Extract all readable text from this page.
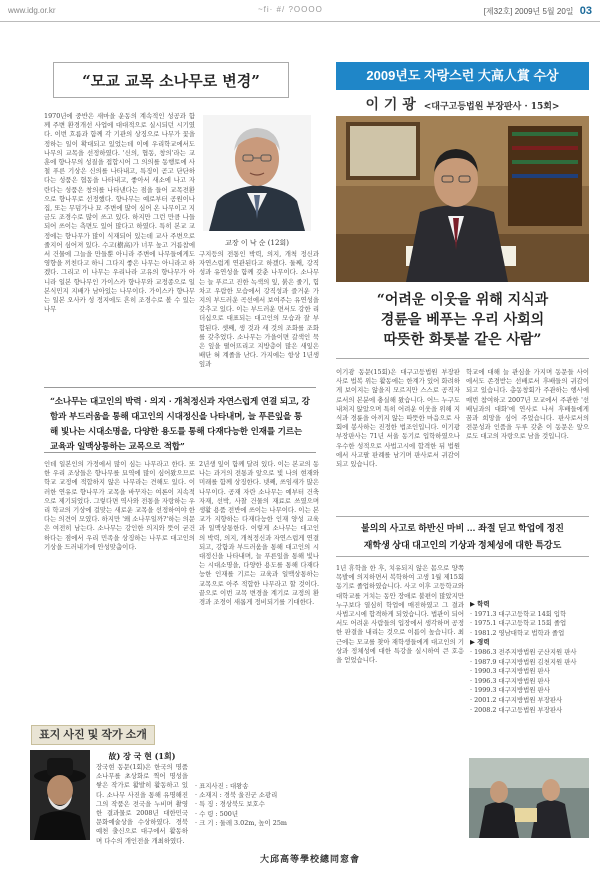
www.idg.or.kr	~fi· #/ ?OOOO	[제32호] 2009년 5월 20일 03
“모교 교목 소나무로 변경”
1970년에 중반은 새마을 운동의 계속적인 성공과 함께 주변 환경개선 사업에 대대적으로 실시되던 시기였다. 이번 흐름과 함께 각 기관의 상징으로 나무가 꽃을 정하는 일이 확대되고 있었는데 이에 우리학교에서도 나무의 교목을 선정하였다. '신의, 협동, 창의'라는 교훈에 향나무의 성질을 접합시어 그 의의를 동행토에 사철 푸른 기상은 신의를 나타내고, 특징이 곧고 단단하다는 성품은 협동을 나타내고, 좋아서 새소에 나고 자란다는 성품은 창의를 나타낸다는 점을 들어 교목전환으로 향나무로 선정했다. 향나무는 예로부터 공원이나 집, 또는 무덤가나 묘 주변에 많이 심어 온 나무이고 지금도 조경수로 많이 쓰고 있다. 하지만 그런 만큼 나들되어 쓰이는 측면도 있어 많다고 하였다. 특히 본교 교정에는 향나무가 많이 식재되어 있는데 교사 주변으로 줄지어 심어져 있다. 수고(樹高)가 너무 높고 거름참에서 건물에 그늘을 만들뿐 아니라 주변에 나무들에게도 영향을 끼친다고 하니 그다지 좋은 나무는 아니라고 하겠다. 그리고 이 나무는 우리나라 고유의 향나무가 아니라 일본 향나무인 가이스카 향나무와 교정종으로 일본식민지 지배가 남아있는 나무이다. 가이스카 향나무는 일본 오사카 성 정지에도 흔히 조경수로 볼 수 있는 나무
교장 이 낙 순 (12회)
구지등의 전통인 박력, 의지, 개척 정신과 자연스럽게 연관된다고 하겠다. 둘째, 강직성과 유연성을 함께 갖춘 나무이다. 소나무는 늘 푸르고 진한 녹색의 잎, 붉은 줄기, 힘차고 우람한 모습에서 강직성과 즐거운 가지의 부드러운 곡선에서 보여주는 유연성을 갖추고 있다. 이는 부드러운 면서도 강한 리더십으로 대표되는 대고인의 모습과 잘 부합된다. 셋째, 생 것과 새 것의 조화를 조화를 갖추었다. 소나무는 가을이면 갈색인 묵은 잎을 떨어뜨리고 지방층이 많은 새잎은 배단 혀 계졸을 난다. 가지에는 항상 1년생 잎과

“소나무는 대고인의 박력 · 의지 · 개척정신과 자연스럽게 연결 되고, 강함과 부드러움을 통해 대고인의 시대정신을 나타내며, 늘 푸른잎을 통해 빛나는 시대소명을, 다양한 용도를 통해 다재다능한 인재를 기르는 교육과 일맥상통하는 교목으로 적합”

인데 일본인의 가정에서 많이 심는 나무라고 한다. 또한 우리 조상들은 향나무를 묘역에 많이 심어왔으므로 학교 교정에 적합하지 않은 나무라는 견해도 있다. 이러한 연유로 향나무가 교목을 바꾸자는 여론이 지속적으로 제기되었다. 그렇다면 역사와 전통을 자랑하는 우리 학교의 기상에 걸맞는 새로운 교목을 선정하여야 한다는 의견이 모였다. 하지만 '왜 소나무일까?'하는 의문은 여전히 남는다. 소나무는 강인한 의지와 뜻이 굳건하다는 점에서 우리 민족을 상징하는 나무로 대고인의 기상을 드러내기에 안성맞춤이다.
2년생 잎이 함께 달려 있다. 이는 본교의 동나는 과거의 전통과 앞으로 빛 나의 현재와 미래를 함께 상징한다. 넷째, 쓰임새가 많은 나무이다. 공재 자란 소나무는 예부터 건축 자재, 선박, 사찰 건물의 재료로 쓰였으며 생활 용품 전반에 쓰이는 나무이다. 이는 본교가 지향하는 다재다능한 인재 양성 교육과 일맥상통한다. 이렇게 소나무는 대고인의 박력, 의지, 개척정신과 자연스럽게 연결되고, 강함과 부드러움을 통해 대고인의 시대정신을 나타내며, 늘 푸른잎을 통해 빛나는 시대소명을, 다양한 용도를 통해 다재다능한 인재를 기르는 교육과 일맥상통하는 교목으로 아주 적합한 나무라고 할 것이다. 끝으로 이번 교목 변경을 계기로 교정의 환경과 조경이 새롭게 정비되기를 기대한다.
표지 사진 및 작가 소개
故) 장 국 현 (1회)
장국현 동문(1회)은 한국의 명품 소나무를 초상화로 찍어 명성을 쌓은 작가로 활발히 활동하고 있다. 소나무 사진을 통해 유명해진 그의 작품은 전국을 누비며 촬영한 결과물로 2008년 대한민국 문화예술상을 수상하였다. 경북 예천 출신으로 대구에서 활동하며 다수의 개인전을 개최하였다.
· 표지사진 : 대왕송
· 소재지 : 경북 울진군 소광리
· 특 징 : 경상북도 보호수
· 수 령 : 500년
· 크 기 : 둘레 3.02m, 높이 25m
2009년도 자랑스런 大高人賞 수상
이 기 광 <대구고등법원 부장판사 · 15회>
“어려운 이웃을 위해 지식과
경륜을 베푸는 우리 사회의
따뜻한 화톳불 같은 사람”
이기광 동문(15회)은 대구고등법원 부장판사로 법복 위는 활동에는 한계가 있어 화려하게 보이지는 않을지 모르지만 스스로 공직자로서의 본분에 충실해 왔습니다. 어느 누구도 내처지 않았으며 특히 어려운 이웃을 위해 지식과 경륜을 아끼지 않는 따뜻한 마음으로 사회에 봉사하는 진정한 법조인입니다. 이기광 부장판사는 71년 서울 동기로 입학하였으나 우수한 성적으로 사법고시에 합격한 뒤 법원에서 사고팔 판례를 남기며 판사로서 귀감이 되고 있습니다.
학교에 대해 늘 관심을 가지며 동문들 사이에서도 존경받는 선배로서 후배들의 귀감이 되고 있습니다. 총동창회가 주관하는 행사에 매번 참여하고 2007년 모교에서 주관한 '선배님과의 대화'에 연사로 나서 후배들에게 꿈과 희망을 심어 주었습니다. 판사로서의 전문성과 인품을 두루 갖춘 이 동문은 앞으로도 대고의 자랑으로 남을 것입니다.
불의의 사고로 하반신 마비 … 좌절 딛고 학업에 정진
재학생 상대 대고인의 기상과 정체성에 대한 특강도
1년 휴학을 한 후, 치유되지 않은 몸으로 양쪽 목발에 의지하면서 복학하여 고생 1월 제15회 동기로 졸업하였습니다. 사고 이후 고등학교와 대학교를 거치는 동안 장애로 불편이 많았지만 누구보다 열심히 학업에 매진하였고 그 결과 사법고시에 합격하게 되었습니다. 법관이 되어서도 어려운 사람들의 입장에서 생각하며 공정한 판결을 내리는 것으로 이름이 높습니다. 최근에는 모교를 찾아 재학생들에게 대고인의 기상과 정체성에 대한 특강을 실시하여 큰 호응을 얻었습니다.
▶ 학력
· 1971.3 대구고등학교 14회 입학
· 1975.1 대구고등학교 15회 졸업
· 1981.2 영남대학교 법학과 졸업
▶ 경력
· 1986.3 전주지방법원 군산지원 판사
· 1987.9 대구지방법원 김천지원 판사
· 1990.3 대구지방법원 판사
· 1996.3 대구지방법원 판사
· 1999.3 대구지방법원 판사
· 2001.2 대구지방법원 부장판사
· 2008.2 대구고등법원 부장판사
大邱高等學校總同窓會
